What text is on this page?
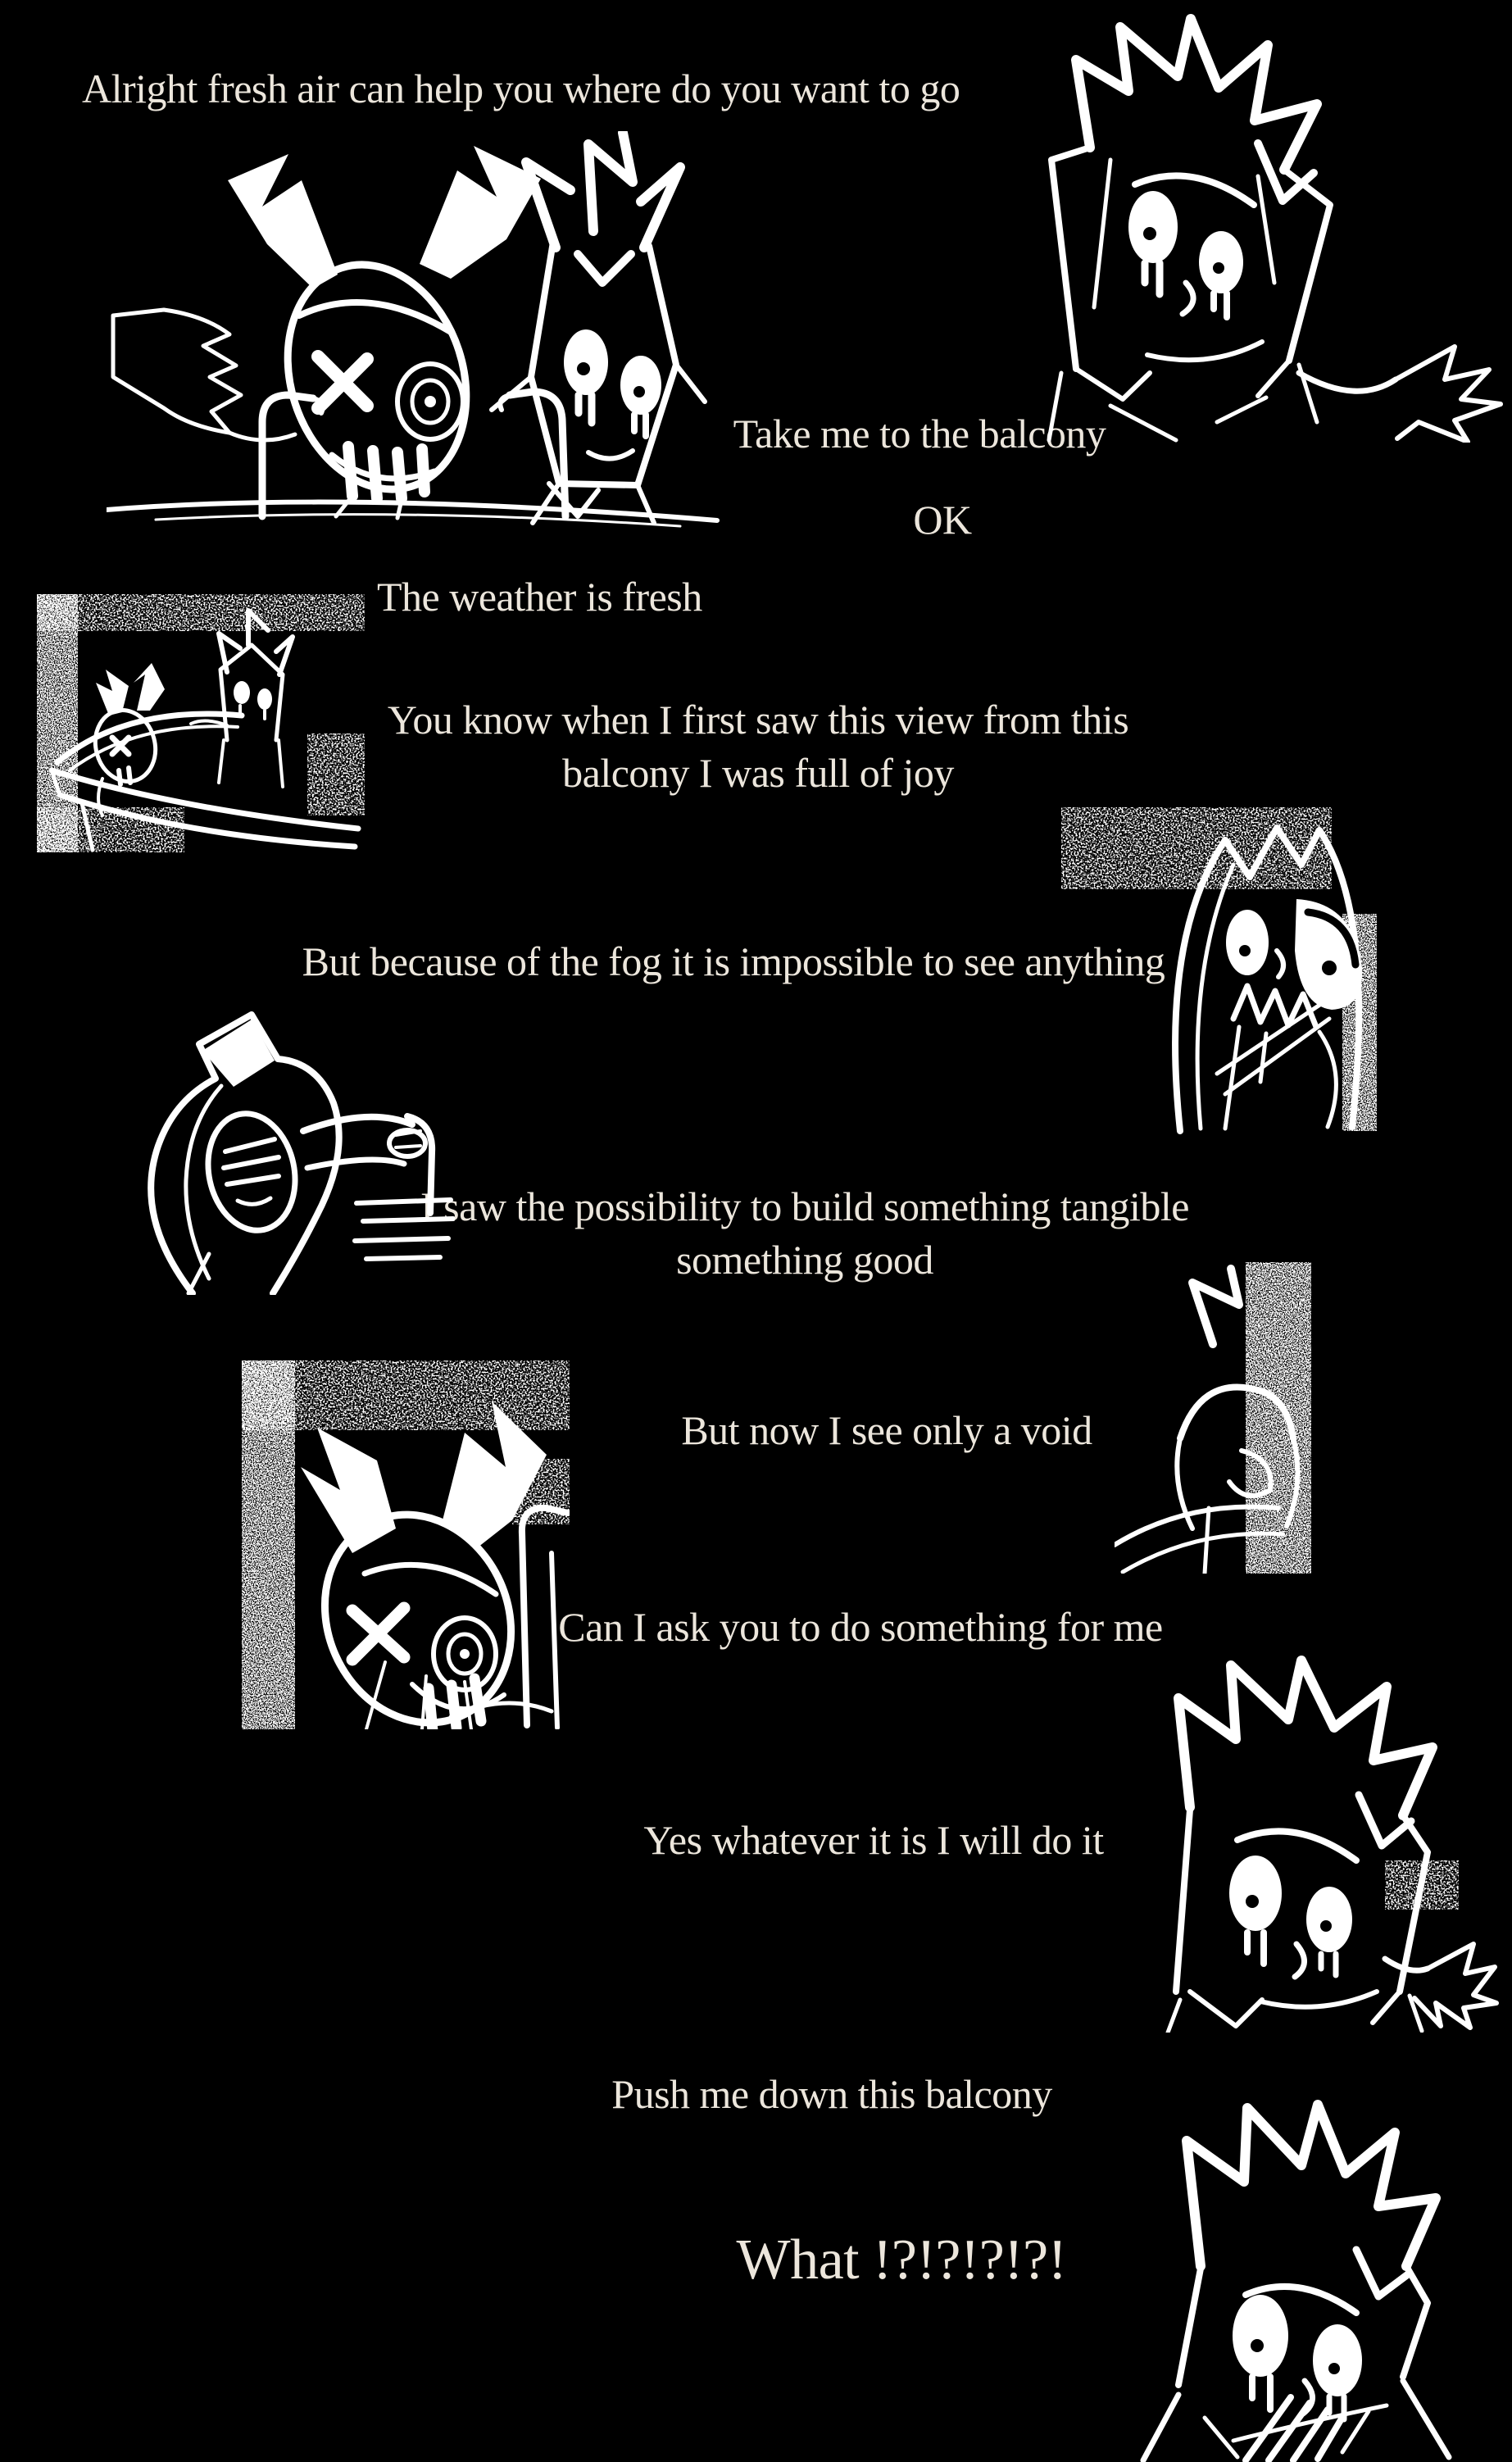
Alright fresh air can help you where do you want to go
Take me to the balcony
OK
The weather is fresh
You know when I first saw this view from this
balcony I was full of joy
But because of the fog it is impossible to see anything
I saw the possibility to build something tangible
something good
But now I see only a void
Can I ask you to do something for me
Yes whatever it is I will do it
Push me down this balcony
What !?!?!?!?!
